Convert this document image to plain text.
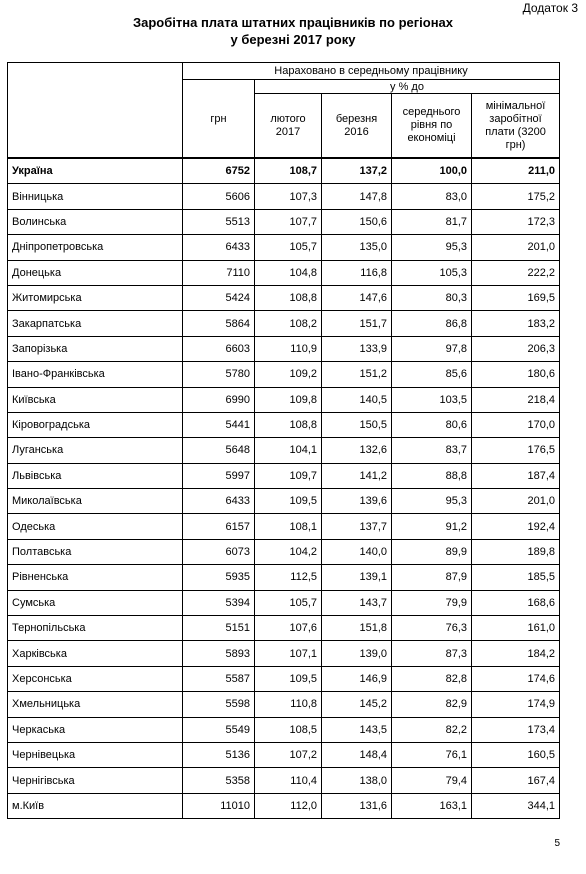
Додаток 3
Заробітна плата штатних працівників по регіонах
у березні 2017 року
	Нараховано в середньому працівнику				
	грн	у % до			
		лютого 2017	березня 2016	середнього рівня по економіці	мінімальної заробітної плати (3200 грн)
Україна	6752	108,7	137,2	100,0	211,0
Вінницька	5606	107,3	147,8	83,0	175,2
Волинська	5513	107,7	150,6	81,7	172,3
Дніпропетровська	6433	105,7	135,0	95,3	201,0
Донецька	7110	104,8	116,8	105,3	222,2
Житомирська	5424	108,8	147,6	80,3	169,5
Закарпатська	5864	108,2	151,7	86,8	183,2
Запорізька	6603	110,9	133,9	97,8	206,3
Івано-Франківська	5780	109,2	151,2	85,6	180,6
Київська	6990	109,8	140,5	103,5	218,4
Кіровоградська	5441	108,8	150,5	80,6	170,0
Луганська	5648	104,1	132,6	83,7	176,5
Львівська	5997	109,7	141,2	88,8	187,4
Миколаївська	6433	109,5	139,6	95,3	201,0
Одеська	6157	108,1	137,7	91,2	192,4
Полтавська	6073	104,2	140,0	89,9	189,8
Рівненська	5935	112,5	139,1	87,9	185,5
Сумська	5394	105,7	143,7	79,9	168,6
Тернопільська	5151	107,6	151,8	76,3	161,0
Харківська	5893	107,1	139,0	87,3	184,2
Херсонська	5587	109,5	146,9	82,8	174,6
Хмельницька	5598	110,8	145,2	82,9	174,9
Черкаська	5549	108,5	143,5	82,2	173,4
Чернівецька	5136	107,2	148,4	76,1	160,5
Чернігівська	5358	110,4	138,0	79,4	167,4
м.Київ	11010	112,0	131,6	163,1	344,1
5
